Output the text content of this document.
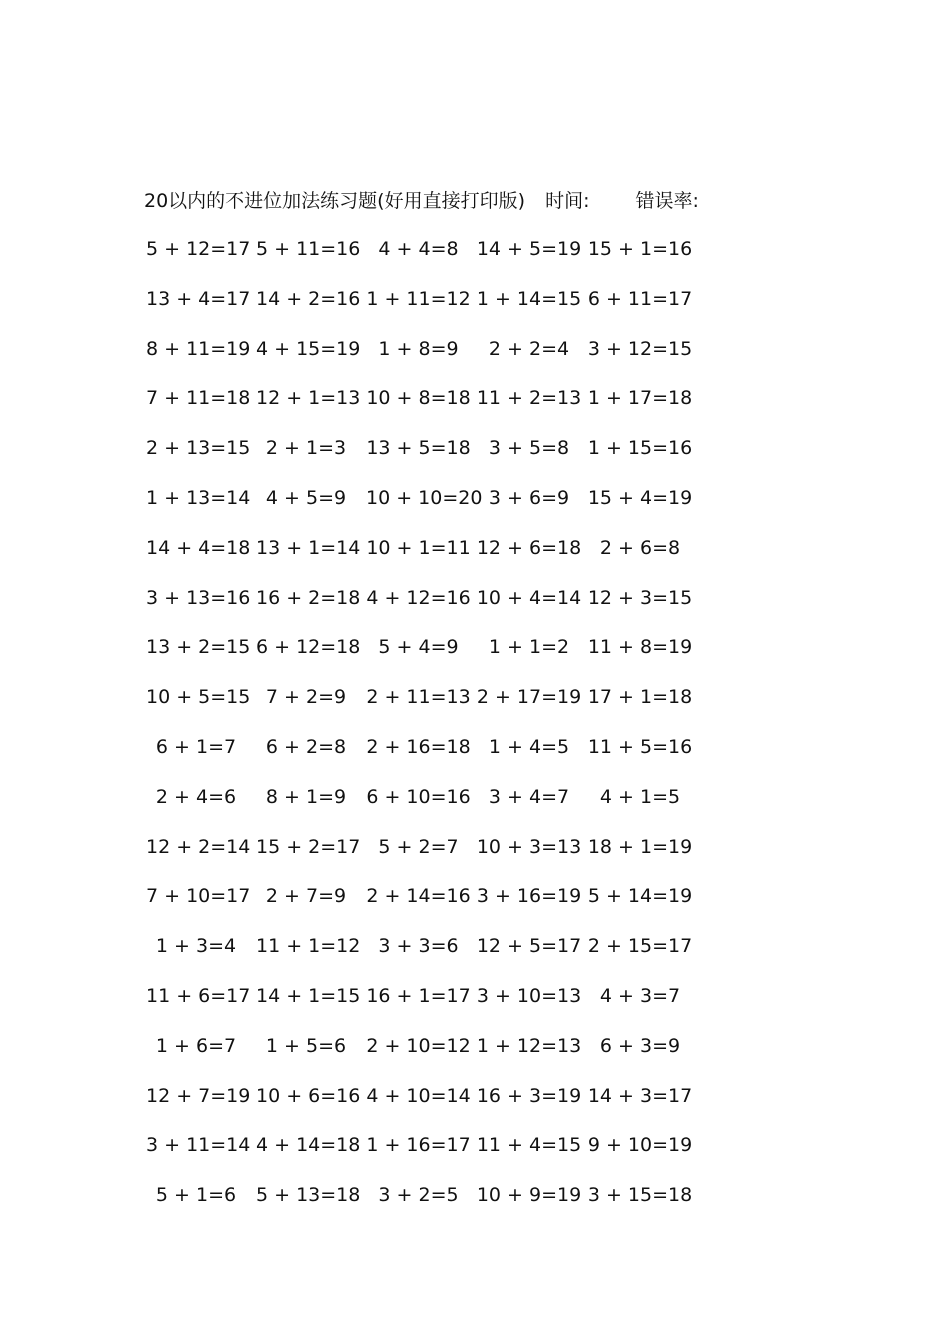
20以内的不进位加法练习题(好用直接打印版) 时间: 错误率:
5 + 12=17 5 + 11=16 4 + 4=8 14 + 5=19 15 + 1=16
13 + 4=17 14 + 2=16 1 + 11=12 1 + 14=15 6 + 11=17
8 + 11=19 4 + 15=19 1 + 8=9	2 + 2=4 3 + 12=15
7 + 11=18 12 + 1=13 10 + 8=18 11 + 2=13 1 + 17=18
2 + 13=15 2 + 1=3	13 + 5=18 3 + 5=8 1 + 15=16
1 + 13=14 4 + 5=9	10 + 10=20 3 + 6=9 15 + 4=19
14 + 4=18 13 + 1=14 10 + 1=11 12 + 6=18 2 + 6=8
3 + 13=16 16 + 2=18 4 + 12=16 10 + 4=14 12 + 3=15
13 + 2=15 6 + 12=18 5 + 4=9	1 + 1=2 11 + 8=19
10 + 5=15 7 + 2=9	2 + 11=13 2 + 17=19 17 + 1=18
6 + 1=7	6 + 2=8	2 + 16=18 1 + 4=5 11 + 5=16
2 + 4=6	8 + 1=9	6 + 10=16 3 + 4=7	4 + 1=5
12 + 2=14 15 + 2=17 5 + 2=7 10 + 3=13 18 + 1=19
7 + 10=17 2 + 7=9	2 + 14=16 3 + 16=19 5 + 14=19
1 + 3=4	11 + 1=12 3 + 3=6 12 + 5=17 2 + 15=17
11 + 6=17 14 + 1=15 16 + 1=17 3 + 10=13 4 + 3=7
1 + 6=7	1 + 5=6	2 + 10=12 1 + 12=13 6 + 3=9
12 + 7=19 10 + 6=16 4 + 10=14 16 + 3=19 14 + 3=17
3 + 11=14 4 + 14=18 1 + 16=17 11 + 4=15 9 + 10=19
5 + 1=6	5 + 13=18 3 + 2=5 10 + 9=19 3 + 15=18
